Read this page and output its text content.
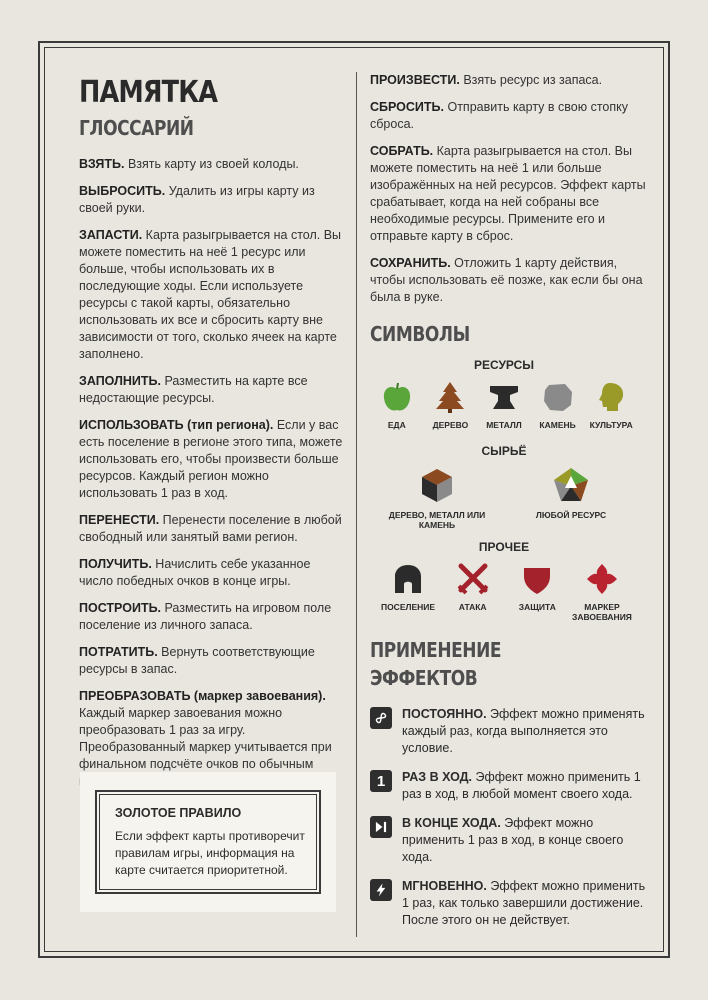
ПАМЯТКА
ГЛОССАРИЙ
ВЗЯТЬ. Взять карту из своей колоды.
ВЫБРОСИТЬ. Удалить из игры карту из своей руки.
ЗАПАСТИ. Карта разыгрывается на стол. Вы можете поместить на неё 1 ресурс или больше, чтобы использовать их в последующие ходы. Если используете ресурсы с такой карты, обязательно использовать их все и сбросить карту вне зависимости от того, сколько ячеек на карте заполнено.
ЗАПОЛНИТЬ. Разместить на карте все недостающие ресурсы.
ИСПОЛЬЗОВАТЬ (тип региона). Если у вас есть поселение в регионе этого типа, можете использовать его, чтобы произвести больше ресурсов. Каждый регион можно использовать 1 раз в ход.
ПЕРЕНЕСТИ. Перенести поселение в любой свободный или занятый вами регион.
ПОЛУЧИТЬ. Начислить себе указанное число победных очков в конце игры.
ПОСТРОИТЬ. Разместить на игровом поле поселение из личного запаса.
ПОТРАТИТЬ. Вернуть соответствующие ресурсы в запас.
ПРЕОБРАЗОВАТЬ (маркер завоевания). Каждый маркер завоевания можно преобразовать 1 раз за игру. Преобразованный маркер учитывается при финальном подсчёте очков по обычным
ЗОЛОТОЕ ПРАВИЛО
Если эффект карты противоречит правилам игры, информация на карте считается приоритетной.
ПРОИЗВЕСТИ. Взять ресурс из запаса.
СБРОСИТЬ. Отправить карту в свою стопку сброса.
СОБРАТЬ. Карта разыгрывается на стол. Вы можете поместить на неё 1 или больше изображённых на ней ресурсов. Эффект карты срабатывает, когда на ней собраны все необходимые ресурсы. Примените его и отправьте карту в сброс.
СОХРАНИТЬ. Отложить 1 карту действия, чтобы использовать её позже, как если бы она была в руке.
СИМВОЛЫ
РЕСУРСЫ
ЕДА	ДЕРЕВО МЕТАЛЛ КАМЕНЬ КУЛЬТУРА
СЫРЬЁ
ДЕРЕВО, МЕТАЛЛ ИЛИ КАМЕНЬ
ЛЮБОЙ РЕСУРС
ПРОЧЕЕ
ПОСЕЛЕНИЕ	АТАКА	ЗАЩИТА	МАРКЕР ЗАВОЕВАНИЯ
ПРИМЕНЕНИЕ ЭФФЕКТОВ
ПОСТОЯННО. Эффект можно применять каждый раз, когда выполняется это условие.
1 РАЗ В ХОД. Эффект можно применить 1 раз в ход, в любой момент своего хода.
В КОНЦЕ ХОДА. Эффект можно применить 1 раз в ход, в конце своего хода.
МГНОВЕННО. Эффект можно применить 1 раз, как только завершили достижение. После этого он не действует.
